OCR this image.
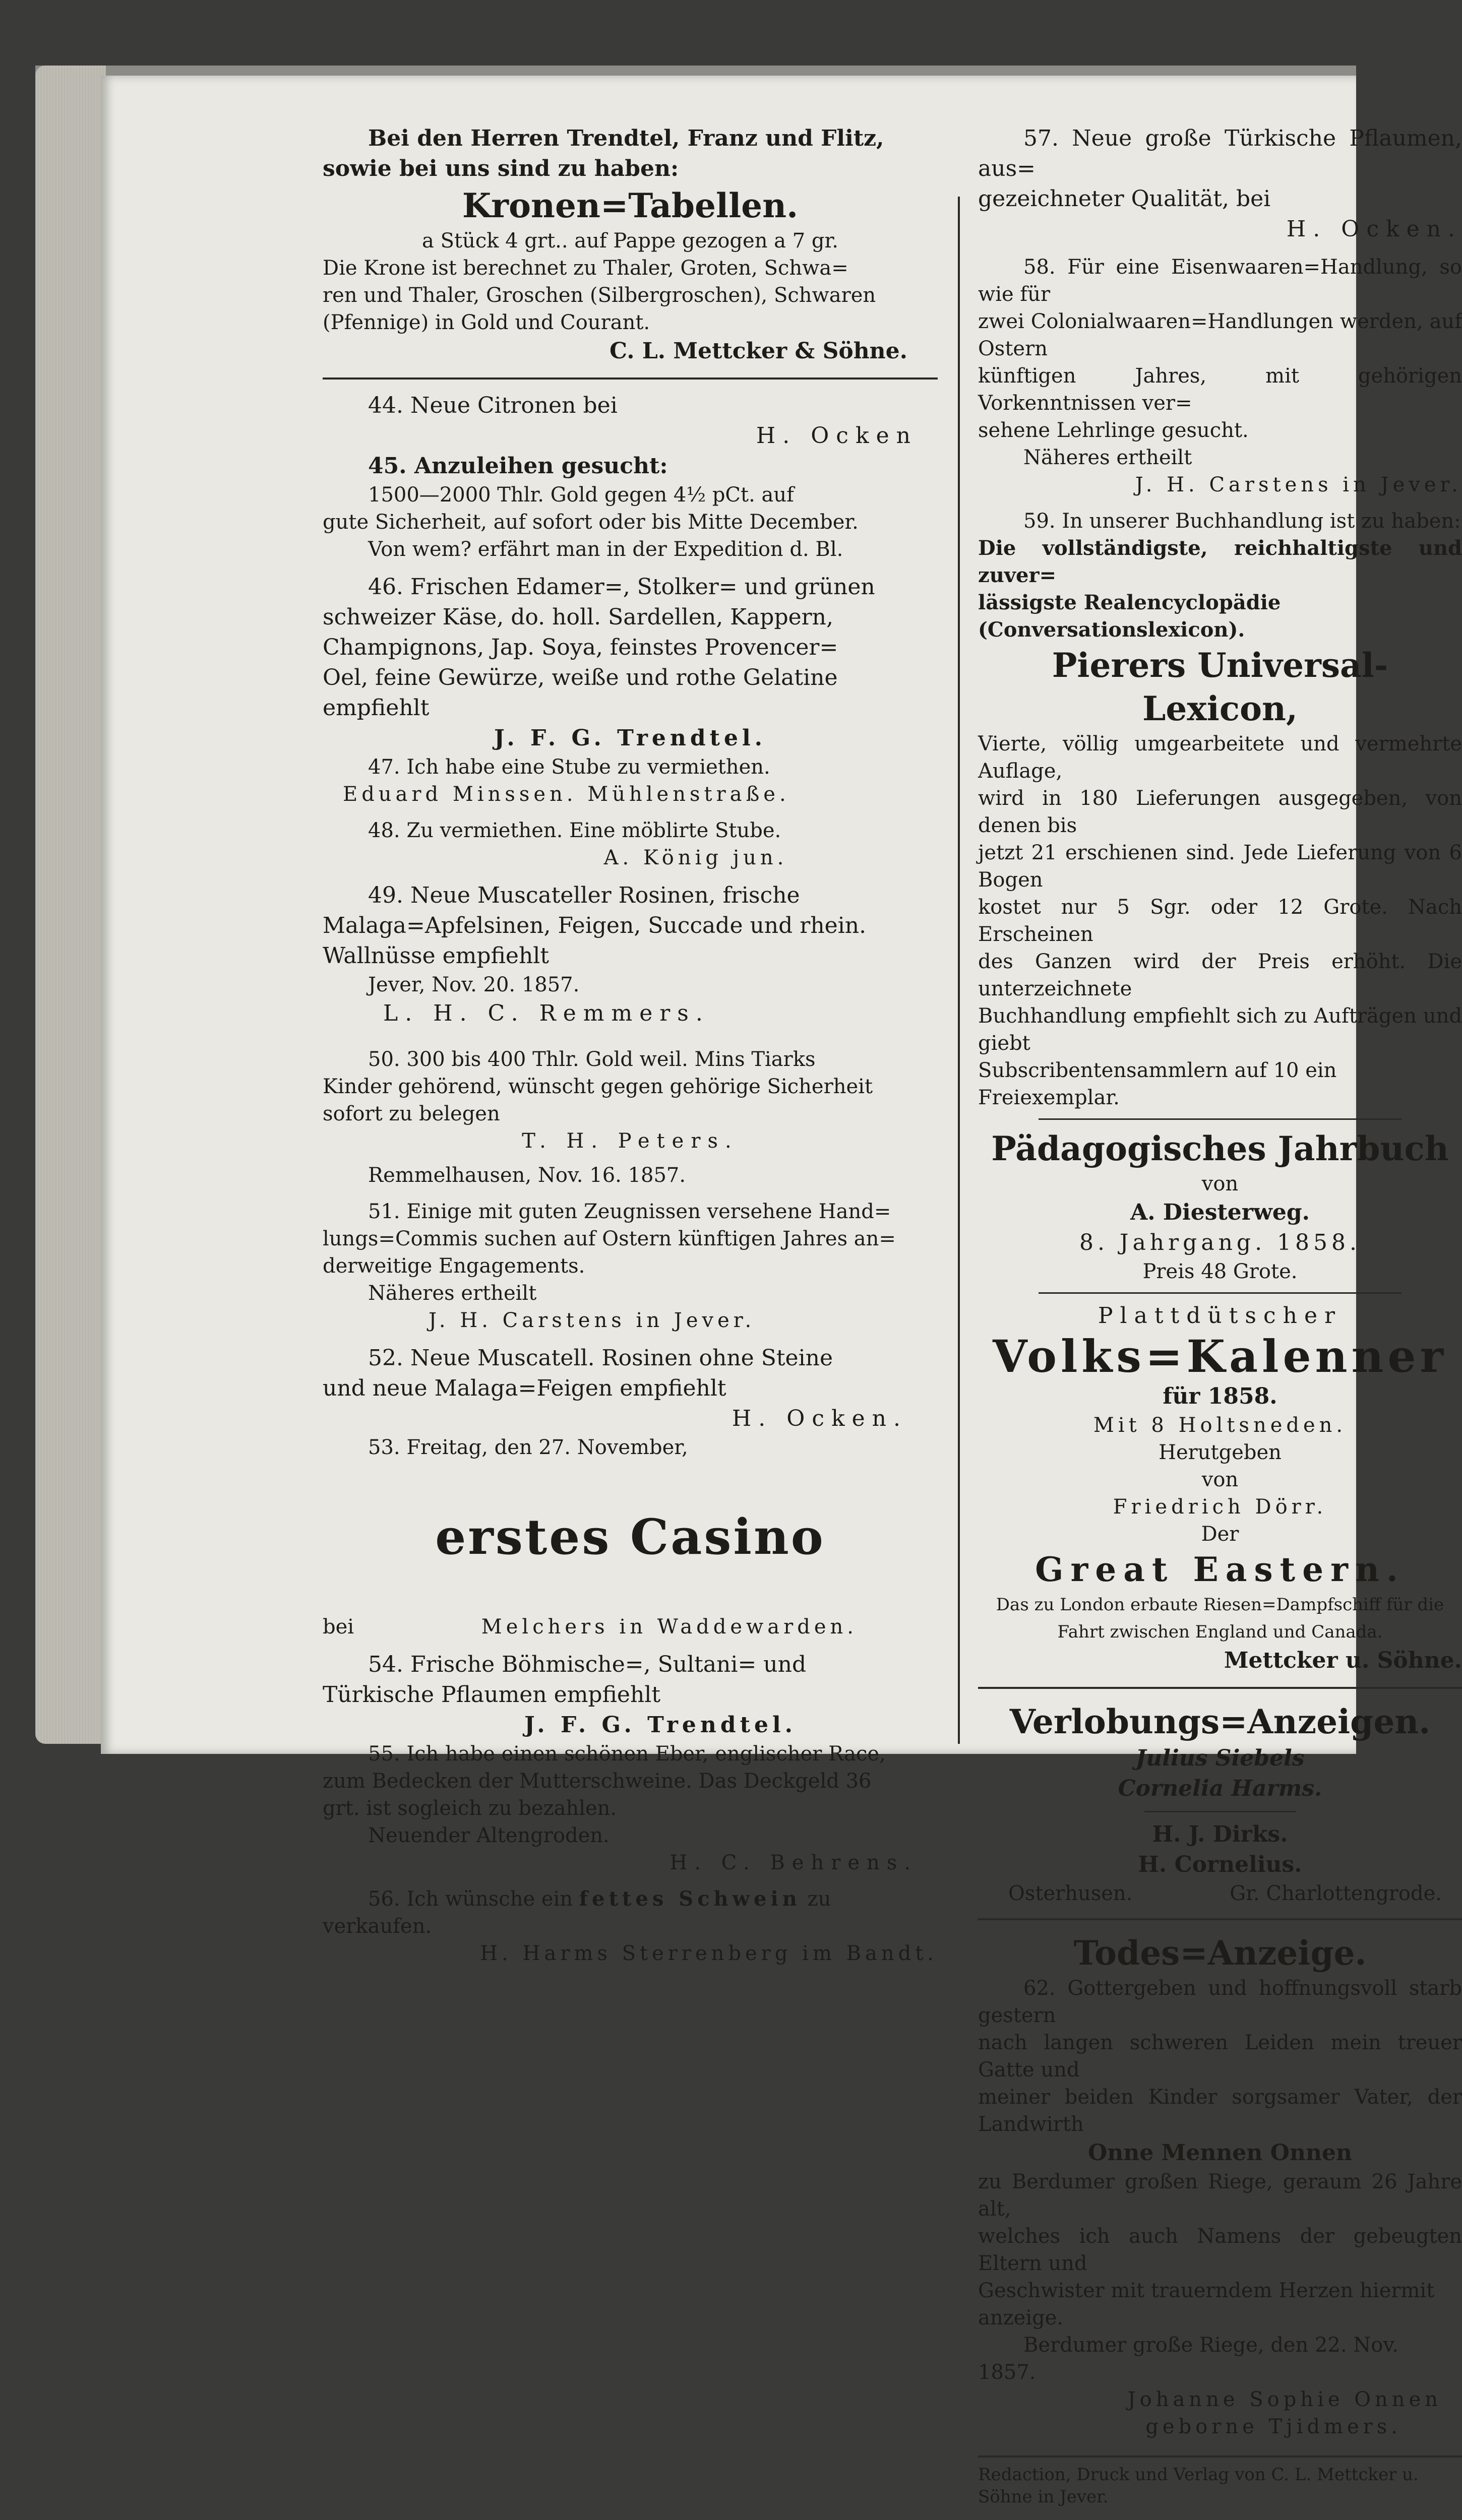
Bei den Herren Trendtel, Franz und Flitz,

sowie bei uns sind zu haben:

Kronen=Tabellen.

a Stück 4 grt.. auf Pappe gezogen a 7 gr.

Die Krone ist berechnet zu Thaler, Groten, Schwa=

ren und Thaler, Groschen (Silbergroschen), Schwaren

(Pfennige) in Gold und Courant.

C. L. Mettcker & Söhne.

44. Neue Citronen bei

H. Ocken

45. Anzuleihen gesucht:

1500—2000 Thlr. Gold gegen 4½ pCt. auf

gute Sicherheit, auf sofort oder bis Mitte December.

Von wem? erfährt man in der Expedition d. Bl.

46. Frischen Edamer=, Stolker= und grünen

schweizer Käse, do. holl. Sardellen, Kappern,

Champignons, Jap. Soya, feinstes Provencer=

Oel, feine Gewürze, weiße und rothe Gelatine

empfiehlt

J. F. G. Trendtel.

47. Ich habe eine Stube zu vermiethen.

Eduard Minssen. Mühlenstraße.

48. Zu vermiethen. Eine möblirte Stube.

A. König jun.

49. Neue Muscateller Rosinen, frische

Malaga=Apfelsinen, Feigen, Succade und rhein.

Wallnüsse empfiehlt

Jever, Nov. 20. 1857.

L. H. C. Remmers.

50. 300 bis 400 Thlr. Gold weil. Mins Tiarks

Kinder gehörend, wünscht gegen gehörige Sicherheit

sofort zu belegen

T. H. Peters.

Remmelhausen, Nov. 16. 1857.

51. Einige mit guten Zeugnissen versehene Hand=

lungs=Commis suchen auf Ostern künftigen Jahres an=

derweitige Engagements.

Näheres ertheilt

J. H. Carstens in Jever.

52. Neue Muscatell. Rosinen ohne Steine

und neue Malaga=Feigen empfiehlt

H. Ocken.

53. Freitag, den 27. November,

erstes Casino

bei	Melchers in Waddewarden.

54. Frische Böhmische=, Sultani= und

Türkische Pflaumen empfiehlt

J. F. G. Trendtel.

55. Ich habe einen schönen Eber, englischer Race,

zum Bedecken der Mutterschweine. Das Deckgeld 36

grt. ist sogleich zu bezahlen.

Neuender Altengroden.

H. C. Behrens.

56. Ich wünsche ein fettes Schwein zu

verkaufen.

H. Harms Sterrenberg im Bandt.

57. Neue große Türkische Pflaumen, aus=

gezeichneter Qualität, bei

H. Ocken.

58. Für eine Eisenwaaren=Handlung, so wie für

zwei Colonialwaaren=Handlungen werden, auf Ostern

künftigen Jahres, mit gehörigen Vorkenntnissen ver=

sehene Lehrlinge gesucht.

Näheres ertheilt

J. H. Carstens in Jever.

59. In unserer Buchhandlung ist zu haben:

Die vollständigste, reichhaltigste und zuver=

lässigste Realencyclopädie (Conversationslexicon).

Pierers Universal-Lexicon,

Vierte, völlig umgearbeitete und vermehrte Auflage,

wird in 180 Lieferungen ausgegeben, von denen bis

jetzt 21 erschienen sind. Jede Lieferung von 6 Bogen

kostet nur 5 Sgr. oder 12 Grote. Nach Erscheinen

des Ganzen wird der Preis erhöht. Die unterzeichnete

Buchhandlung empfiehlt sich zu Aufträgen und giebt

Subscribentensammlern auf 10 ein Freiexemplar.

Pädagogisches Jahrbuch

von

A. Diesterweg.

8. Jahrgang. 1858.

Preis 48 Grote.

Plattdütscher

Volks=Kalenner

für 1858.

Mit 8 Holtsneden.

Herutgeben

von

Friedrich Dörr.

Der

Great Eastern.

Das zu London erbaute Riesen=Dampfschiff für die

Fahrt zwischen England und Canada.

Mettcker u. Söhne.

Verlobungs=Anzeigen.

Julius Siebels

Cornelia Harms.

H. J. Dirks.

H. Cornelius.

Osterhusen.	Gr. Charlottengrode.

Todes=Anzeige.

62. Gottergeben und hoffnungsvoll starb gestern

nach langen schweren Leiden mein treuer Gatte und

meiner beiden Kinder sorgsamer Vater, der Landwirth

Onne Mennen Onnen

zu Berdumer großen Riege, geraum 26 Jahre alt,

welches ich auch Namens der gebeugten Eltern und

Geschwister mit trauerndem Herzen hiermit anzeige.

Berdumer große Riege, den 22. Nov. 1857.

Johanne Sophie Onnen

geborne Tjidmers.

Redaction, Druck und Verlag von C. L. Mettcker u. Söhne in Jever.
